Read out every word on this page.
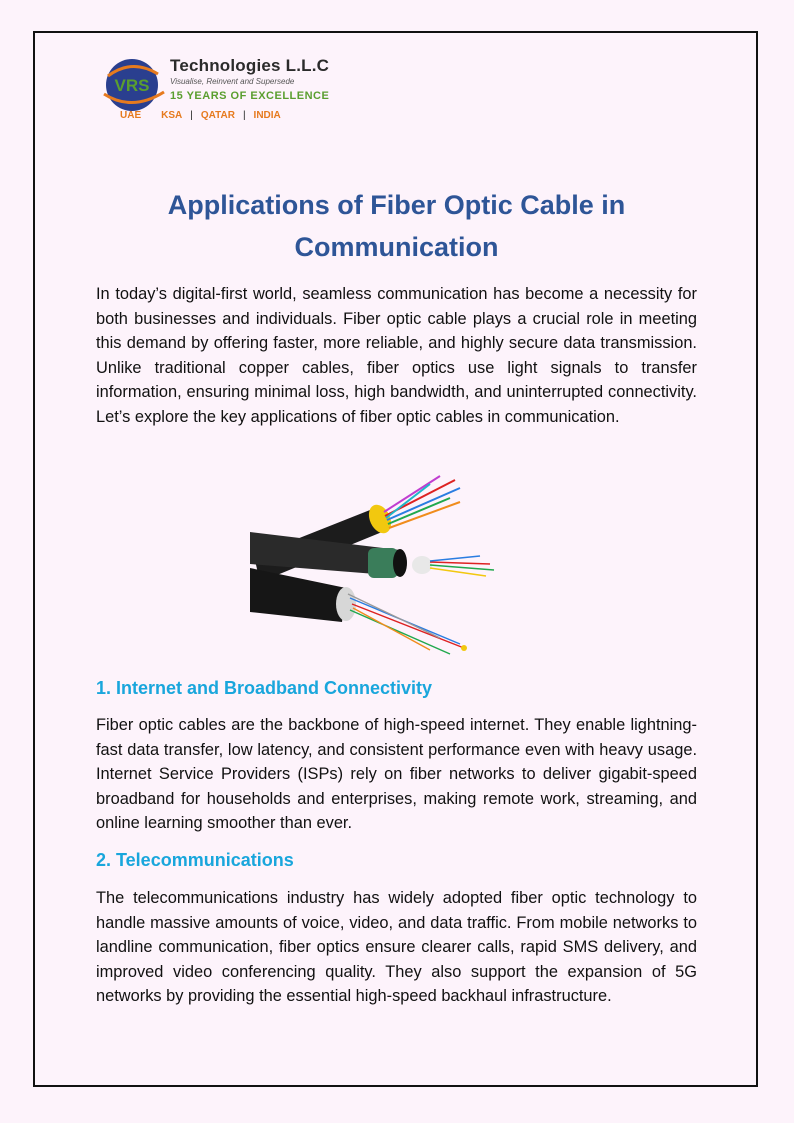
VRS
Technologies L.L.C
Visualise, Reinvent and Supersede
15 YEARS OF EXCELLENCE
UAE KSA | QATAR | INDIA
Applications of Fiber Optic Cable in Communication

In today’s digital-first world, seamless communication has become a necessity for both businesses and individuals. Fiber optic cable plays a crucial role in meeting this demand by offering faster, more reliable, and highly secure data transmission. Unlike traditional copper cables, fiber optics use light signals to transfer information, ensuring minimal loss, high bandwidth, and uninterrupted connectivity. Let’s explore the key applications of fiber optic cables in communication.

1. Internet and Broadband Connectivity

Fiber optic cables are the backbone of high-speed internet. They enable lightning-fast data transfer, low latency, and consistent performance even with heavy usage. Internet Service Providers (ISPs) rely on fiber networks to deliver gigabit-speed broadband for households and enterprises, making remote work, streaming, and online learning smoother than ever.

2. Telecommunications

The telecommunications industry has widely adopted fiber optic technology to handle massive amounts of voice, video, and data traffic. From mobile networks to landline communication, fiber optics ensure clearer calls, rapid SMS delivery, and improved video conferencing quality. They also support the expansion of 5G networks by providing the essential high-speed backhaul infrastructure.
